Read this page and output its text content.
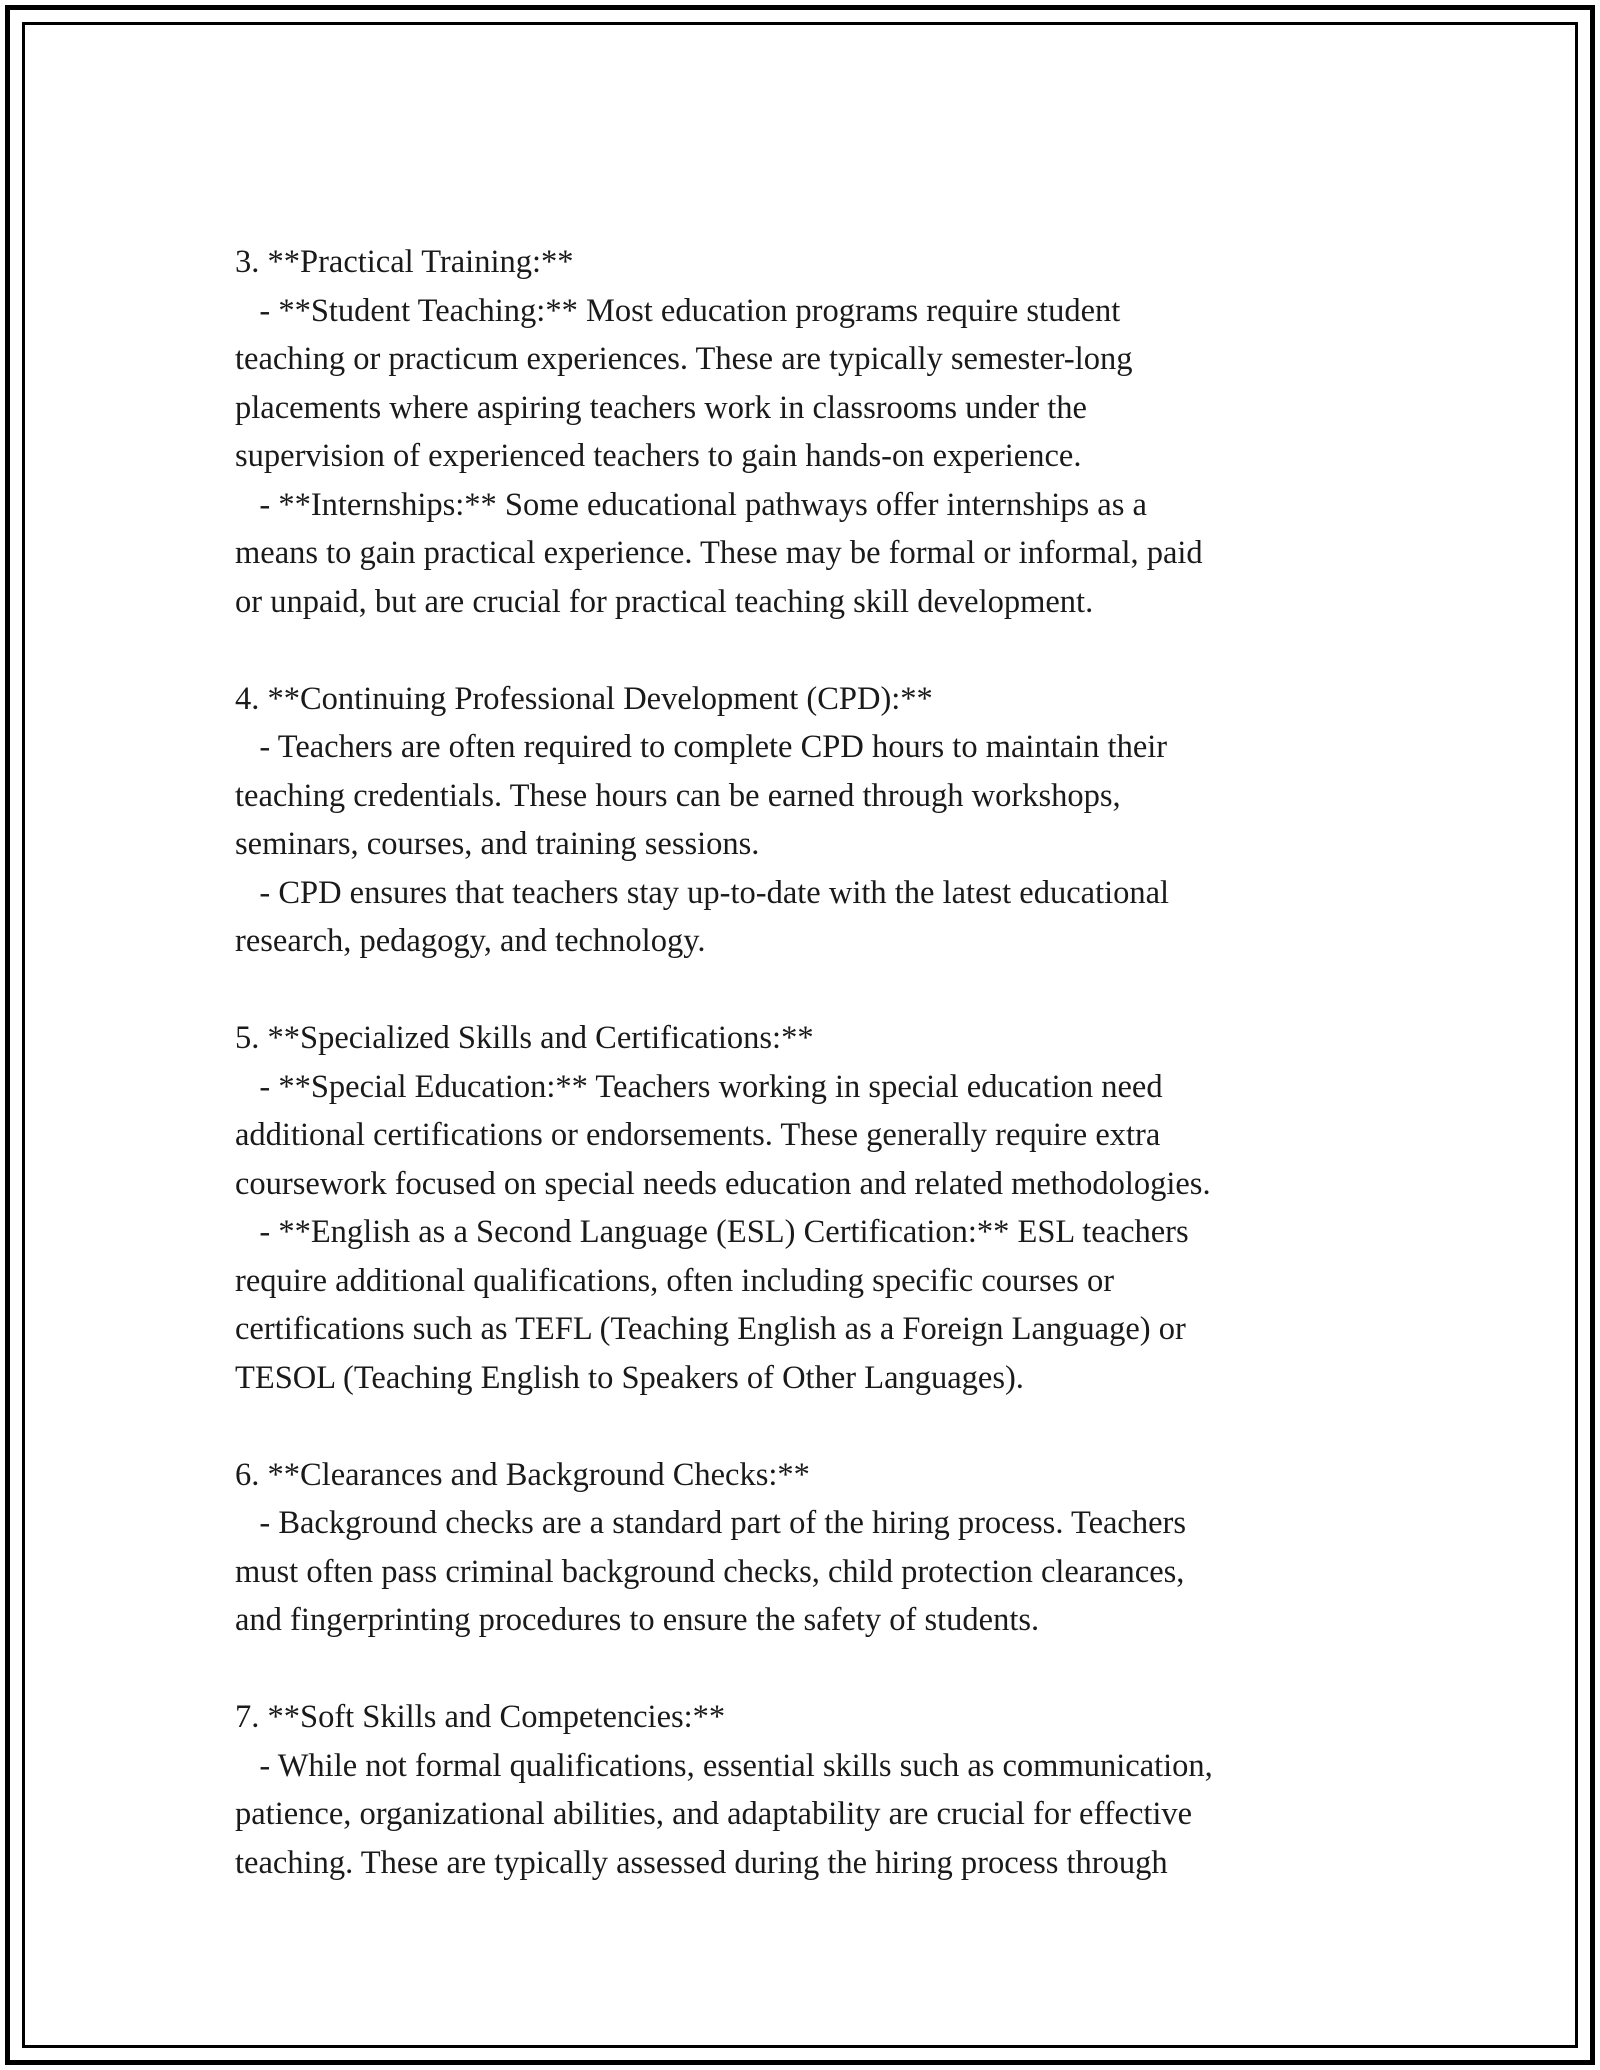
3. **Practical Training:**
- **Student Teaching:** Most education programs require student
teaching or practicum experiences. These are typically semester-long
placements where aspiring teachers work in classrooms under the
supervision of experienced teachers to gain hands-on experience.
- **Internships:** Some educational pathways offer internships as a
means to gain practical experience. These may be formal or informal, paid
or unpaid, but are crucial for practical teaching skill development.
4. **Continuing Professional Development (CPD):**
- Teachers are often required to complete CPD hours to maintain their
teaching credentials. These hours can be earned through workshops,
seminars, courses, and training sessions.
- CPD ensures that teachers stay up-to-date with the latest educational
research, pedagogy, and technology.
5. **Specialized Skills and Certifications:**
- **Special Education:** Teachers working in special education need
additional certifications or endorsements. These generally require extra
coursework focused on special needs education and related methodologies.
- **English as a Second Language (ESL) Certification:** ESL teachers
require additional qualifications, often including specific courses or
certifications such as TEFL (Teaching English as a Foreign Language) or
TESOL (Teaching English to Speakers of Other Languages).
6. **Clearances and Background Checks:**
- Background checks are a standard part of the hiring process. Teachers
must often pass criminal background checks, child protection clearances,
and fingerprinting procedures to ensure the safety of students.
7. **Soft Skills and Competencies:**
- While not formal qualifications, essential skills such as communication,
patience, organizational abilities, and adaptability are crucial for effective
teaching. These are typically assessed during the hiring process through
